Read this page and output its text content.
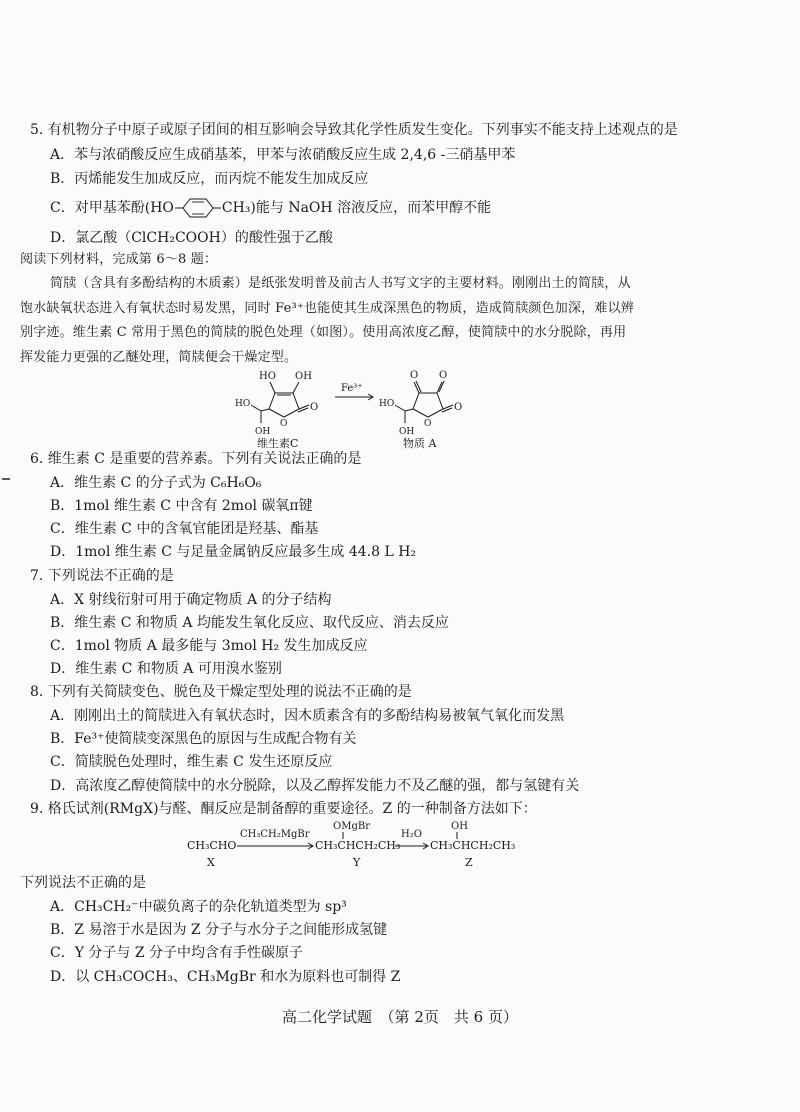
5. 有机物分子中原子或原子团间的相互影响会导致其化学性质发生变化。下列事实不能支持上述观点的是
A．苯与浓硝酸反应生成硝基苯，甲苯与浓硝酸反应生成 2,4,6 -三硝基甲苯
B．丙烯能发生加成反应，而丙烷不能发生加成反应
C．对甲基苯酚(HO	CH₃)能与 NaOH 溶液反应，而苯甲醇不能
D．氯乙酸（ClCH₂COOH）的酸性强于乙酸
阅读下列材料，完成第 6～8 题：
简牍（含具有多酚结构的木质素）是纸张发明普及前古人书写文字的主要材料。刚刚出土的简牍，从
饱水缺氧状态进入有氧状态时易发黑，同时 Fe³⁺也能使其生成深黑色的物质，造成简牍颜色加深，难以辨
别字迹。维生素 C 常用于黑色的简牍的脱色处理（如图）。使用高浓度乙醇，使简牍中的水分脱除，再用
挥发能力更强的乙醚处理，简牍便会干燥定型。
HO OH
O
O
HO
OH
维生素C
Fe³⁺
O O
O
O
HO
OH
物质 A
6. 维生素 C 是重要的营养素。下列有关说法正确的是
A．维生素 C 的分子式为 C₆H₆O₆
B．1mol 维生素 C 中含有 2mol 碳氧π键
C．维生素 C 中的含氧官能团是羟基、酯基
D．1mol 维生素 C 与足量金属钠反应最多生成 44.8 L H₂
7. 下列说法不正确的是
A．X 射线衍射可用于确定物质 A 的分子结构
B．维生素 C 和物质 A 均能发生氧化反应、取代反应、消去反应
C．1mol 物质 A 最多能与 3mol H₂ 发生加成反应
D．维生素 C 和物质 A 可用溴水鉴别
8. 下列有关简牍变色、脱色及干燥定型处理的说法不正确的是
A．刚刚出土的简牍进入有氧状态时，因木质素含有的多酚结构易被氧气氧化而发黑
B．Fe³⁺使简牍变深黑色的原因与生成配合物有关
C．简牍脱色处理时，维生素 C 发生还原反应
D．高浓度乙醇使简牍中的水分脱除，以及乙醇挥发能力不及乙醚的强，都与氢键有关
9. 格氏试剂(RMgX)与醛、酮反应是制备醇的重要途径。Z 的一种制备方法如下：
CH₃CHO
X
CH₃CH₂MgBr
OMgBr
CH₃CHCH₂CH₃
Y
H₂O
OH
CH₃CHCH₂CH₃
Z
下列说法不正确的是
A．CH₃CH₂⁻中碳负离子的杂化轨道类型为 sp³
B．Z 易溶于水是因为 Z 分子与水分子之间能形成氢键
C．Y 分子与 Z 分子中均含有手性碳原子
D．以 CH₃COCH₃、CH₃MgBr 和水为原料也可制得 Z
高二化学试题　（第 2页　共 6 页）
